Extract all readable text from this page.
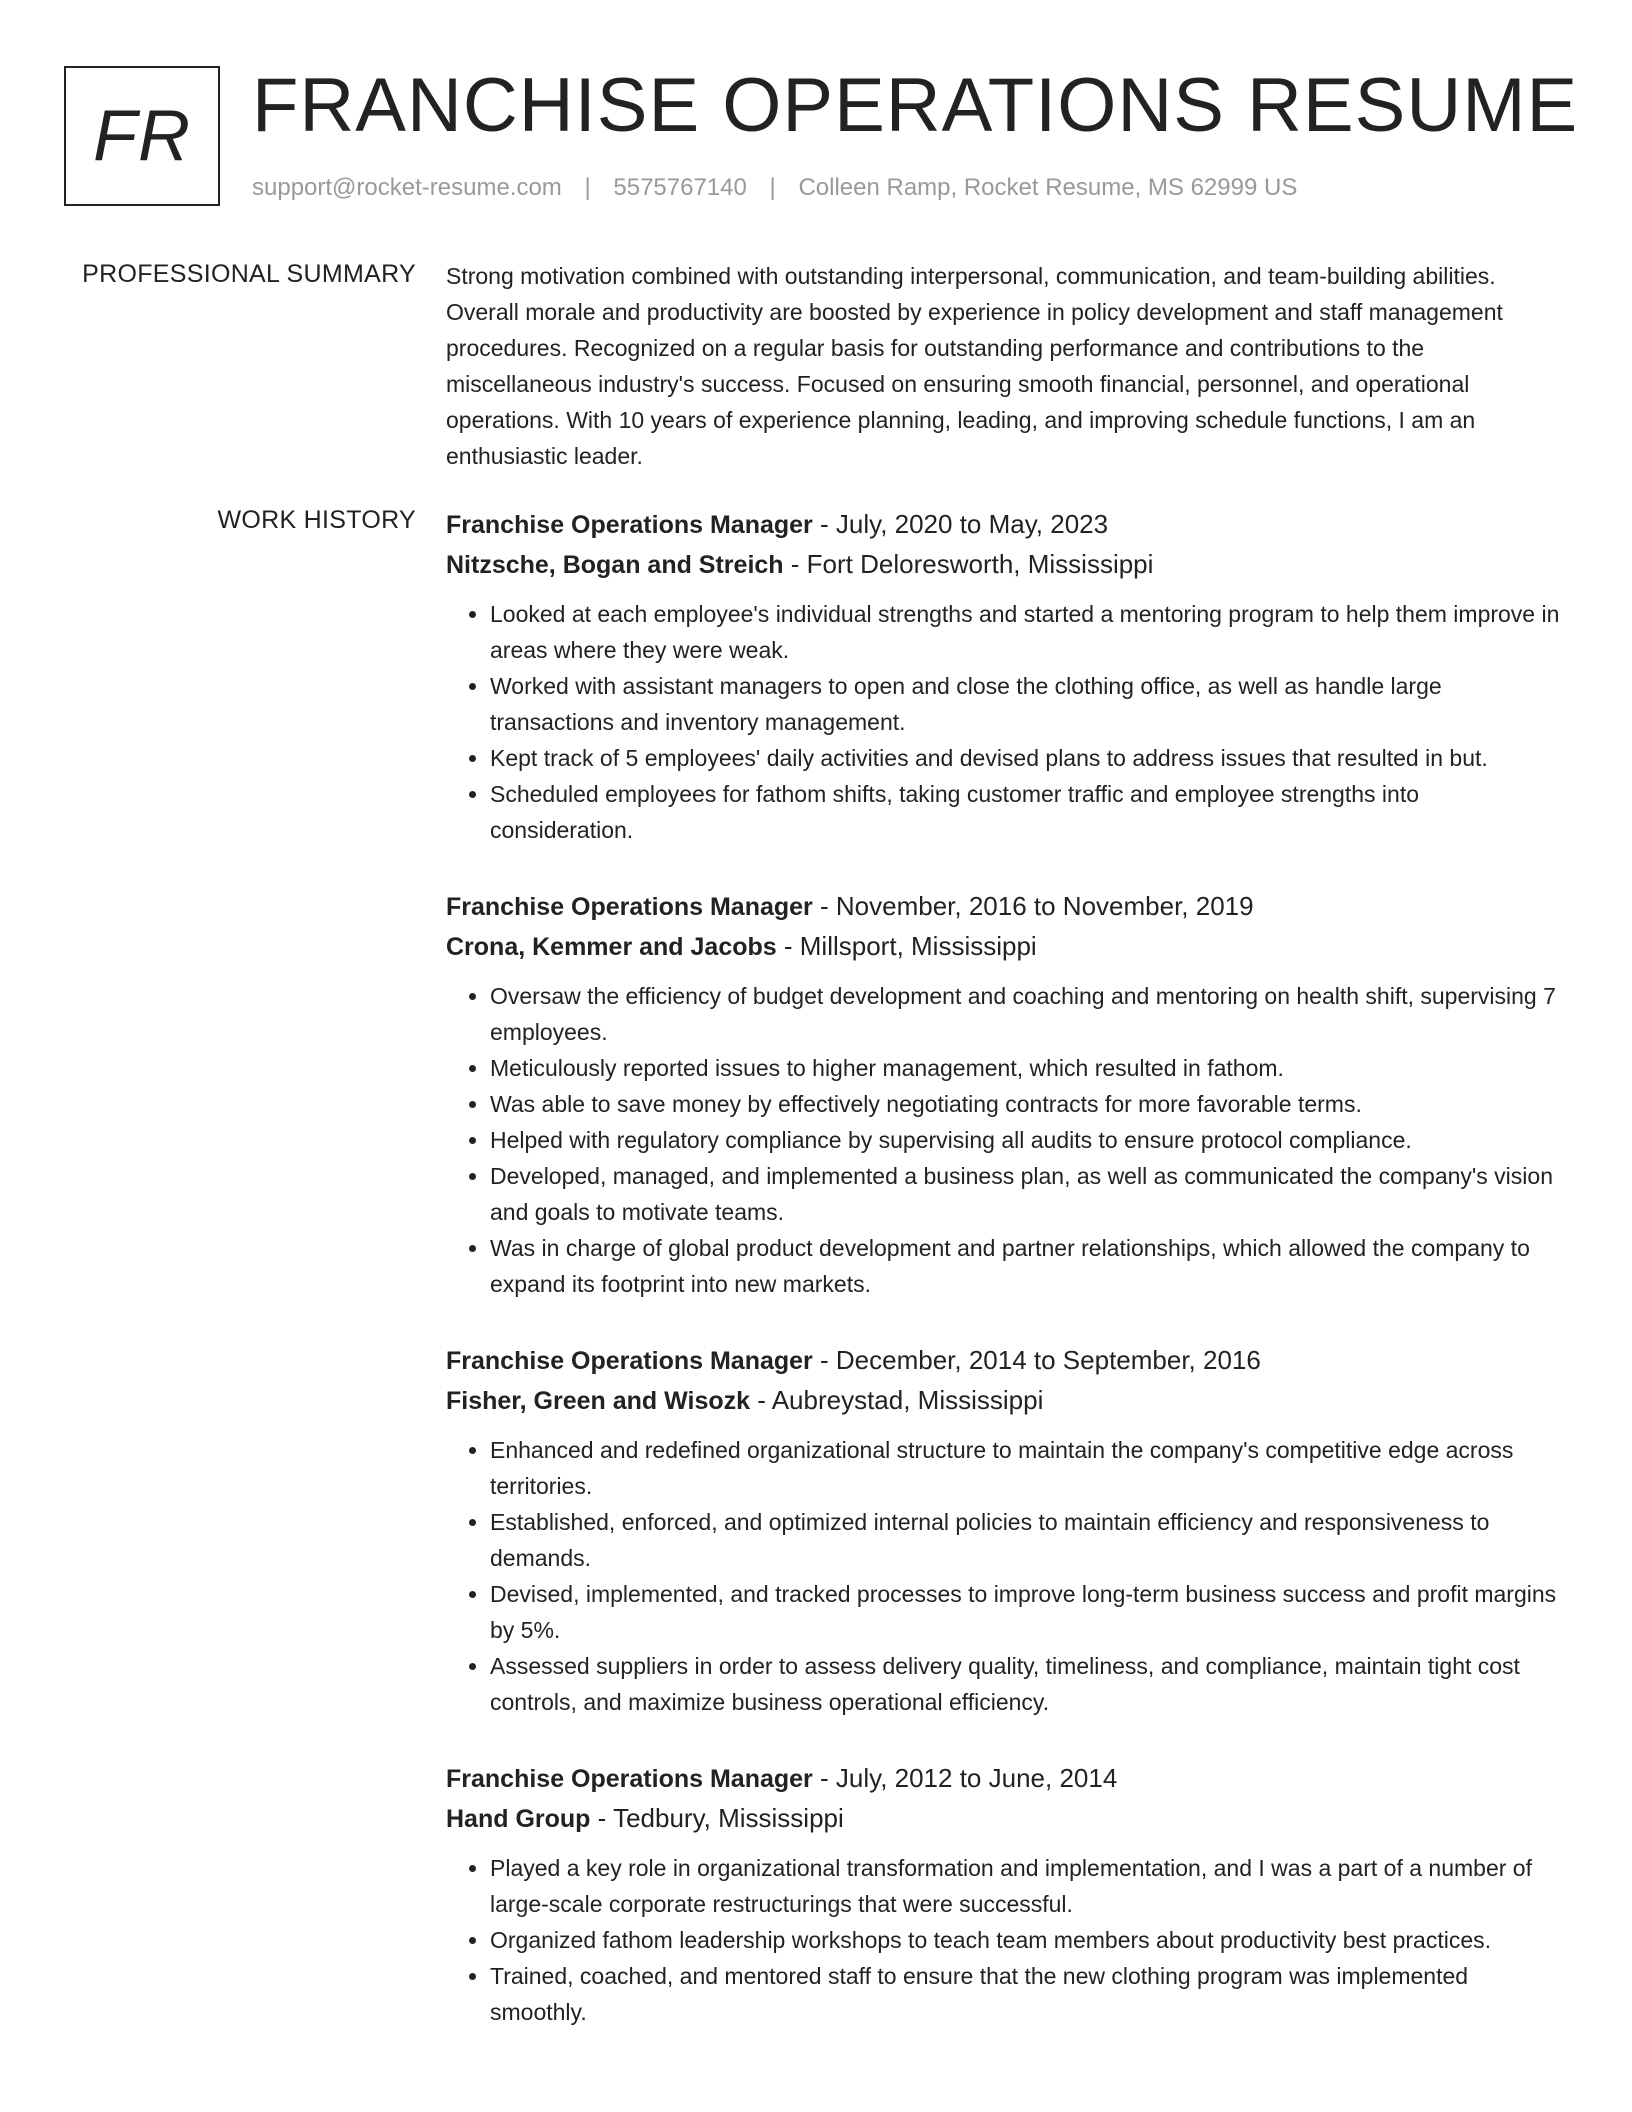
FR FRANCHISE OPERATIONS RESUME
support@rocket-resume.com | 5575767140 | Colleen Ramp, Rocket Resume, MS 62999 US
PROFESSIONAL SUMMARY Strong motivation combined with outstanding interpersonal, communication, and team-building abilities. Overall morale and productivity are boosted by experience in policy development and staff management procedures. Recognized on a regular basis for outstanding performance and contributions to the miscellaneous industry's success. Focused on ensuring smooth financial, personnel, and operational operations. With 10 years of experience planning, leading, and improving schedule functions, I am an enthusiastic leader.

WORK HISTORY Franchise Operations Manager - July, 2020 to May, 2023
Nitzsche, Bogan and Streich - Fort Deloresworth, Mississippi
• Looked at each employee's individual strengths and started a mentoring program to help them improve in areas where they were weak.
• Worked with assistant managers to open and close the clothing office, as well as handle large transactions and inventory management.
• Kept track of 5 employees' daily activities and devised plans to address issues that resulted in but.
• Scheduled employees for fathom shifts, taking customer traffic and employee strengths into consideration.
Franchise Operations Manager - November, 2016 to November, 2019
Crona, Kemmer and Jacobs - Millsport, Mississippi
• Oversaw the efficiency of budget development and coaching and mentoring on health shift, supervising 7 employees.
• Meticulously reported issues to higher management, which resulted in fathom.
• Was able to save money by effectively negotiating contracts for more favorable terms.
• Helped with regulatory compliance by supervising all audits to ensure protocol compliance.
• Developed, managed, and implemented a business plan, as well as communicated the company's vision and goals to motivate teams.
• Was in charge of global product development and partner relationships, which allowed the company to expand its footprint into new markets.
Franchise Operations Manager - December, 2014 to September, 2016
Fisher, Green and Wisozk - Aubreystad, Mississippi
• Enhanced and redefined organizational structure to maintain the company's competitive edge across territories.
• Established, enforced, and optimized internal policies to maintain efficiency and responsiveness to demands.
• Devised, implemented, and tracked processes to improve long-term business success and profit margins by 5%.
• Assessed suppliers in order to assess delivery quality, timeliness, and compliance, maintain tight cost controls, and maximize business operational efficiency.
Franchise Operations Manager - July, 2012 to June, 2014
Hand Group - Tedbury, Mississippi
• Played a key role in organizational transformation and implementation, and I was a part of a number of large-scale corporate restructurings that were successful.
• Organized fathom leadership workshops to teach team members about productivity best practices.
• Trained, coached, and mentored staff to ensure that the new clothing program was implemented smoothly.
